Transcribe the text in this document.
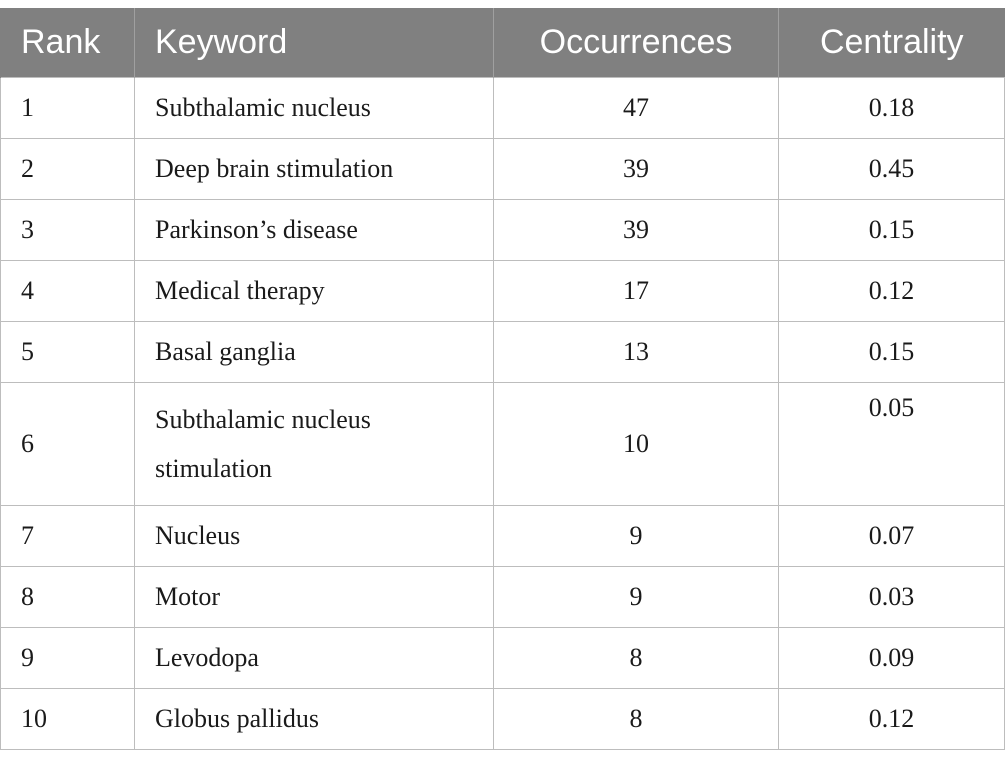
Rank	Keyword	Occurrences	Centrality
1	Subthalamic nucleus	47	0.18
2	Deep brain stimulation	39	0.45
3	Parkinson’s disease	39	0.15
4	Medical therapy	17	0.12
5	Basal ganglia	13	0.15
6	Subthalamic nucleus stimulation	10	0.05
7	Nucleus	9	0.07
8	Motor	9	0.03
9	Levodopa	8	0.09
10	Globus pallidus	8	0.12
